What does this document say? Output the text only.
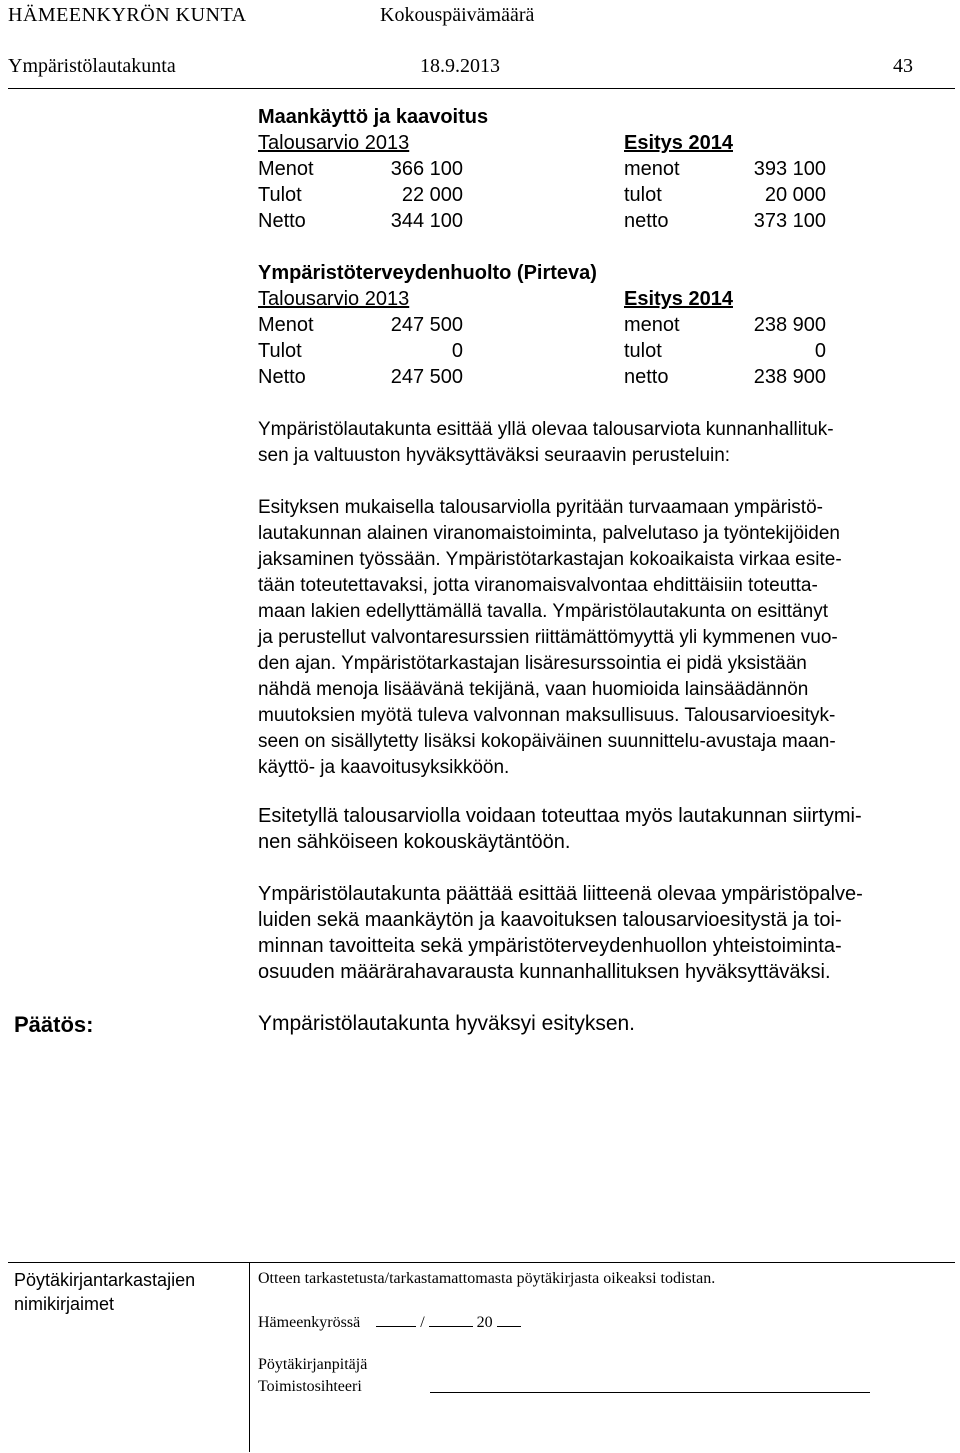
HÄMEENKYRÖN KUNTA	Kokouspäivämäärä
Ympäristölautakunta	18.9.2013	43
Maankäyttö ja kaavoitus
Talousarvio 2013	Esitys 2014
Menot	366 100	menot	393 100
Tulot	22 000	tulot	20 000
Netto	344 100	netto	373 100
Ympäristöterveydenhuolto (Pirteva)
Talousarvio 2013	Esitys 2014
Menot	247 500	menot	238 900
Tulot	0	tulot	0
Netto	247 500	netto	238 900
Ympäristölautakunta esittää yllä olevaa talousarviota kunnanhallituk-
sen ja valtuuston hyväksyttäväksi seuraavin perusteluin:
Esityksen mukaisella talousarviolla pyritään turvaamaan ympäristö-
lautakunnan alainen viranomaistoiminta, palvelutaso ja työntekijöiden
jaksaminen työssään. Ympäristötarkastajan kokoaikaista virkaa esite-
tään toteutettavaksi, jotta viranomaisvalvontaa ehdittäisiin toteutta-
maan lakien edellyttämällä tavalla. Ympäristölautakunta on esittänyt
ja perustellut valvontaresurssien riittämättömyyttä yli kymmenen vuo-
den ajan. Ympäristötarkastajan lisäresurssointia ei pidä yksistään
nähdä menoja lisäävänä tekijänä, vaan huomioida lainsäädännön
muutoksien myötä tuleva valvonnan maksullisuus. Talousarvioesityk-
seen on sisällytetty lisäksi kokopäiväinen suunnittelu-avustaja maan-
käyttö- ja kaavoitusyksikköön.
Esitetyllä talousarviolla voidaan toteuttaa myös lautakunnan siirtymi-
nen sähköiseen kokouskäytäntöön.
Ympäristölautakunta päättää esittää liitteenä olevaa ympäristöpalve-
luiden sekä maankäytön ja kaavoituksen talousarvioesitystä ja toi-
minnan tavoitteita sekä ympäristöterveydenhuollon yhteistoiminta-
osuuden määrärahavarausta kunnanhallituksen hyväksyttäväksi.
Päätös:	Ympäristölautakunta hyväksyi esityksen.
Pöytäkirjantarkastajien
nimikirjaimet
Otteen tarkastetusta/tarkastamattomasta pöytäkirjasta oikeaksi todistan.
Hämeenkyrössä	/	20
Pöytäkirjanpitäjä
Toimistosihteeri
